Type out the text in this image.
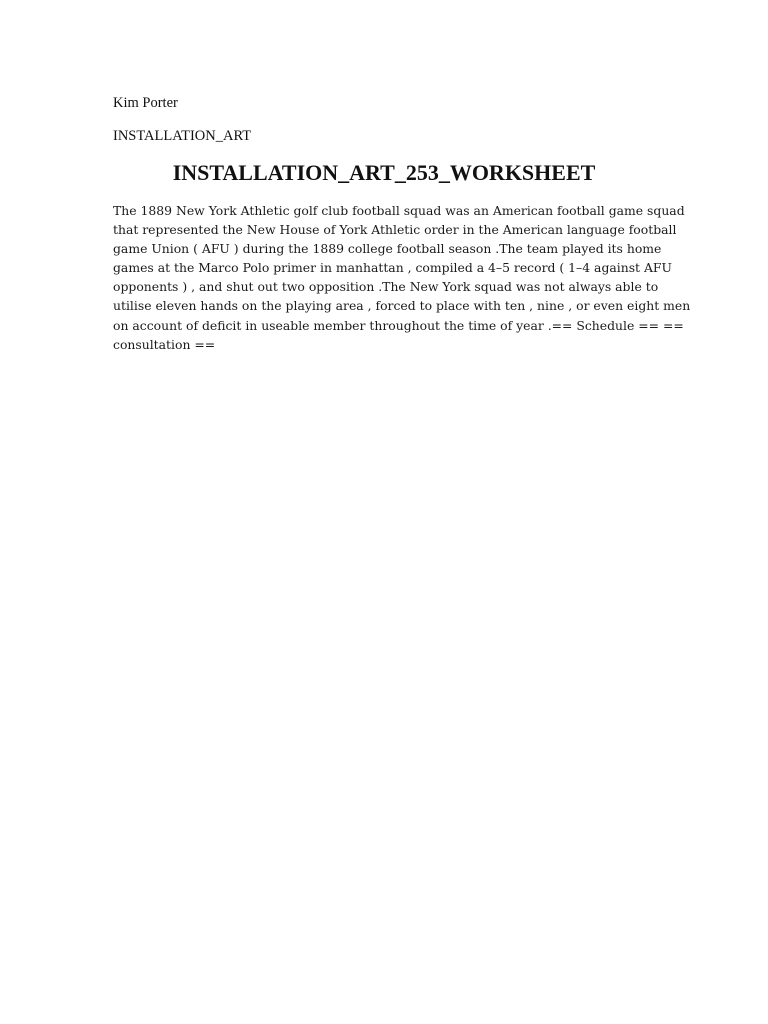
Kim Porter
INSTALLATION_ART
INSTALLATION_ART_253_WORKSHEET
The 1889 New York Athletic golf club football squad was an American football game squad
that represented the New House of York Athletic order in the American language football
game Union ( AFU ) during the 1889 college football season .The team played its home
games at the Marco Polo primer in manhattan , compiled a 4–5 record ( 1–4 against AFU
opponents ) , and shut out two opposition .The New York squad was not always able to
utilise eleven hands on the playing area , forced to place with ten , nine , or even eight men
on account of deficit in useable member throughout the time of year .== Schedule == ==
consultation ==
